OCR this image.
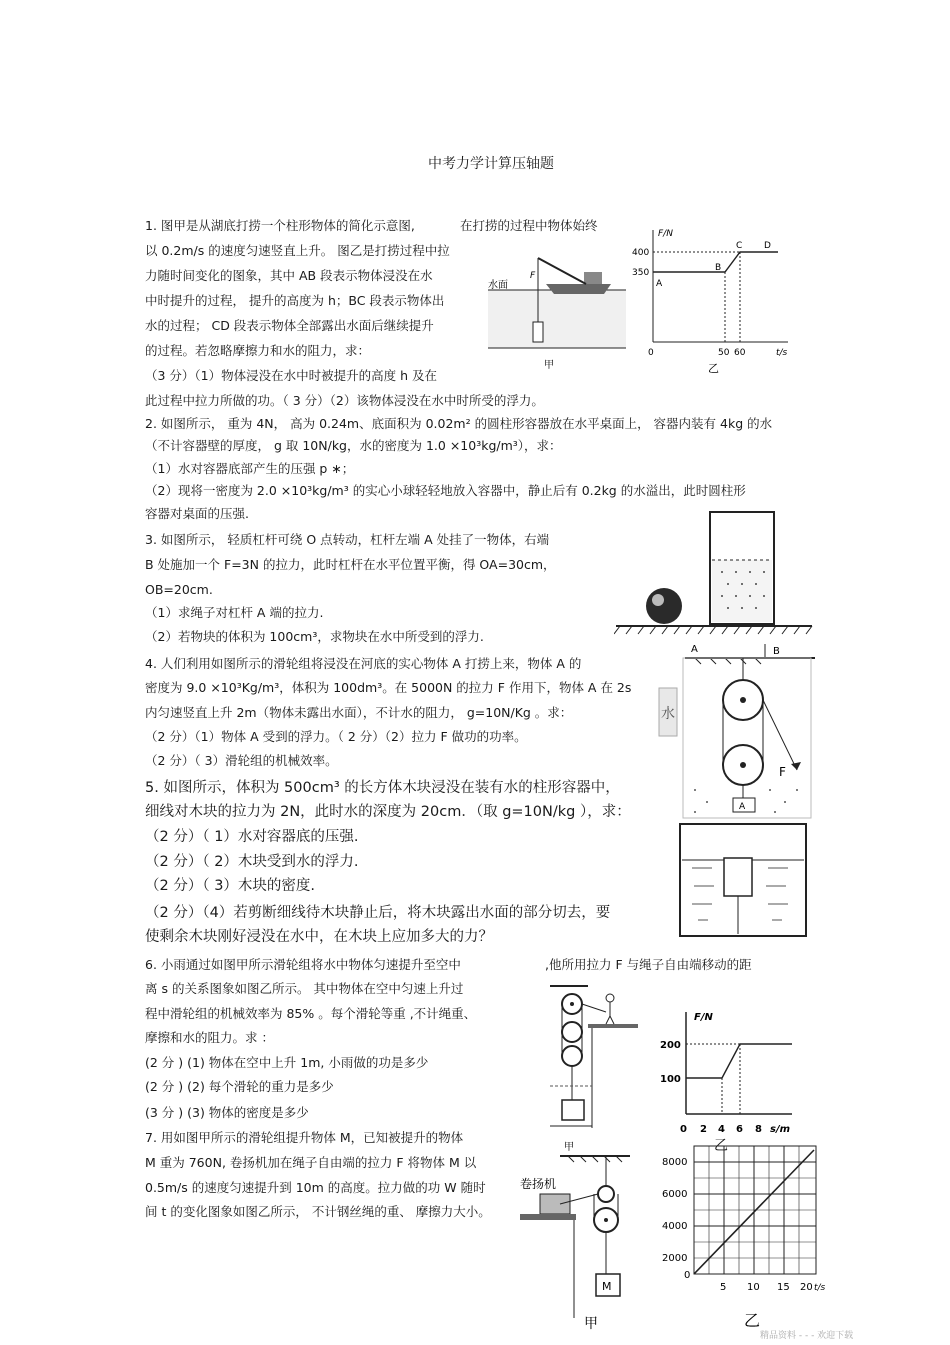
中考力学计算压轴题
1. 图甲是从湖底打捞一个柱形物体的简化示意图,	在打捞的过程中物体始终
以 0.2m/s 的速度匀速竖直上升。 图乙是打捞过程中拉
力随时间变化的图象，其中 AB 段表示物体浸没在水
中时提升的过程， 提升的高度为 h；BC 段表示物体出
水的过程； CD 段表示物体全部露出水面后继续提升
的过程。若忽略摩擦力和水的阻力，求：
（3 分）（1）物体浸没在水中时被提升的高度 h 及在
此过程中拉力所做的功。（ 3 分）（2）该物体浸没在水中时所受的浮力。
水面
F
甲
F/N
t/s
400
350
A
B
C D
0	50 60
乙
2. 如图所示， 重为 4N， 高为 0.24m、底面积为 0.02m² 的圆柱形容器放在水平桌面上， 容器内装有 4kg 的水
（不计容器壁的厚度， g 取 10N/kg，水的密度为 1.0 ×10³kg/m³），求：
（1）水对容器底部产生的压强 p ∗；
（2）现将一密度为 2.0 ×10³kg/m³ 的实心小球轻轻地放入容器中，静止后有 0.2kg 的水溢出，此时圆柱形
容器对桌面的压强.
3. 如图所示， 轻质杠杆可绕 O 点转动，杠杆左端 A 处挂了一物体，右端
B 处施加一个 F=3N 的拉力，此时杠杆在水平位置平衡，得 OA=30cm，
OB=20cm.
（1）求绳子对杠杆 A 端的拉力.
（2）若物块的体积为 100cm³，求物块在水中所受到的浮力.
4. 人们利用如图所示的滑轮组将浸没在河底的实心物体 A 打捞上来，物体 A 的
密度为 9.0 ×10³Kg/m³，体积为 100dm³。在 5000N 的拉力 F 作用下，物体 A 在 2s
内匀速竖直上升 2m（物体未露出水面），不计水的阻力， g=10N/Kg 。求：
（2 分）（1）物体 A 受到的浮力。（ 2 分）（2）拉力 F 做功的功率。
（2 分）（ 3）滑轮组的机械效率。
A	B
F
A
水
5. 如图所示，体积为 500cm³ 的长方体木块浸没在装有水的柱形容器中，
细线对木块的拉力为 2N，此时水的深度为 20cm．（取 g=10N/kg ），求：
（2 分）（ 1）水对容器底的压强.
（2 分）（ 2）木块受到水的浮力.
（2 分）（ 3）木块的密度.
（2 分）（4）若剪断细线待木块静止后，将木块露出水面的部分切去，要
使剩余木块刚好浸没在水中，在木块上应加多大的力？
6. 小雨通过如图甲所示滑轮组将水中物体匀速提升至空中	,他所用拉力 F 与绳子自由端移动的距
离 s 的关系图象如图乙所示。 其中物体在空中匀速上升过
程中滑轮组的机械效率为 85% 。每个滑轮等重 ,不计绳重、
摩擦和水的阻力。求 ：
(2 分 ) (1) 物体在空中上升 1m, 小雨做的功是多少
(2 分 ) (2) 每个滑轮的重力是多少
(3 分 ) (3) 物体的密度是多少
F/N
s/m
200
100
0 2 4 6 8
乙
7. 用如图甲所示的滑轮组提升物体 M，已知被提升的物体
M 重为 760N, 卷扬机加在绳子自由端的拉力 F 将物体 M 以
0.5m/s 的速度匀速提升到 10m 的高度。拉力做的功 W 随时
间 t 的变化图象如图乙所示， 不计钢丝绳的重、 摩擦力大小。
甲
卷扬机
M
甲
8000
6000
4000
2000
0
5 10 15 20 t/s
乙
精品资料 - - - 欢迎下载
